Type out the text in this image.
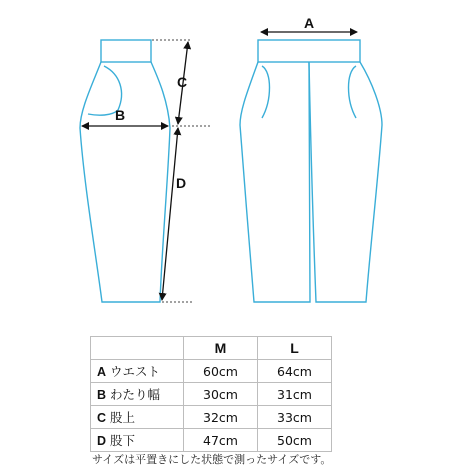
A
B
C
D
	M	L
A ウエスト	60cm	64cm
B わたり幅	30cm	31cm
C 股上	32cm	33cm
D 股下	47cm	50cm
サイズは平置きにした状態で測ったサイズです。
